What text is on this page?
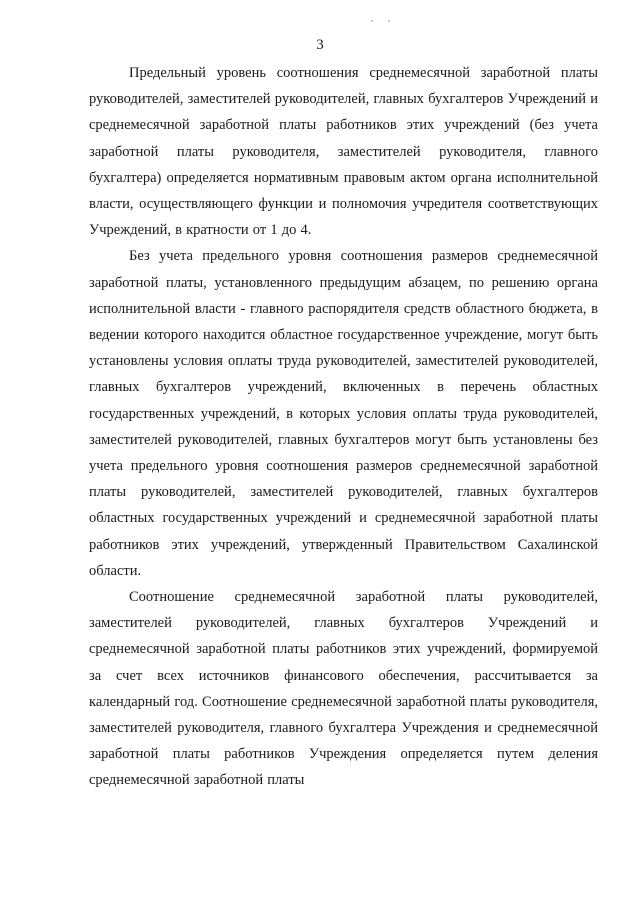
3

Предельный уровень соотношения среднемесячной заработной платы руководителей, заместителей руководителей, главных бухгалтеров Учреждений и среднемесячной заработной платы работников этих учреждений (без учета заработной платы руководителя, заместителей руководителя, главного бухгалтера) определяется нормативным правовым актом органа исполнительной власти, осуществляющего функции и полномочия учредителя соответствующих Учреждений, в кратности от 1 до 4.

Без учета предельного уровня соотношения размеров среднемесячной заработной платы, установленного предыдущим абзацем, по решению органа исполнительной власти - главного распорядителя средств областного бюджета, в ведении которого находится областное государственное учреждение, могут быть установлены условия оплаты труда руководителей, заместителей руководителей, главных бухгалтеров учреждений, включенных в перечень областных государственных учреждений, в которых условия оплаты труда руководителей, заместителей руководителей, главных бухгалтеров могут быть установлены без учета предельного уровня соотношения размеров среднемесячной заработной платы руководителей, заместителей руководителей, главных бухгалтеров областных государственных учреждений и среднемесячной заработной платы работников этих учреждений, утвержденный Правительством Сахалинской области.

Соотношение среднемесячной заработной платы руководителей, заместителей руководителей, главных бухгалтеров Учреждений и среднемесячной заработной платы работников этих учреждений, формируемой за счет всех источников финансового обеспечения, рассчитывается за календарный год. Соотношение среднемесячной заработной платы руководителя, заместителей руководителя, главного бухгалтера Учреждения и среднемесячной заработной платы работников Учреждения определяется путем деления среднемесячной заработной платы
